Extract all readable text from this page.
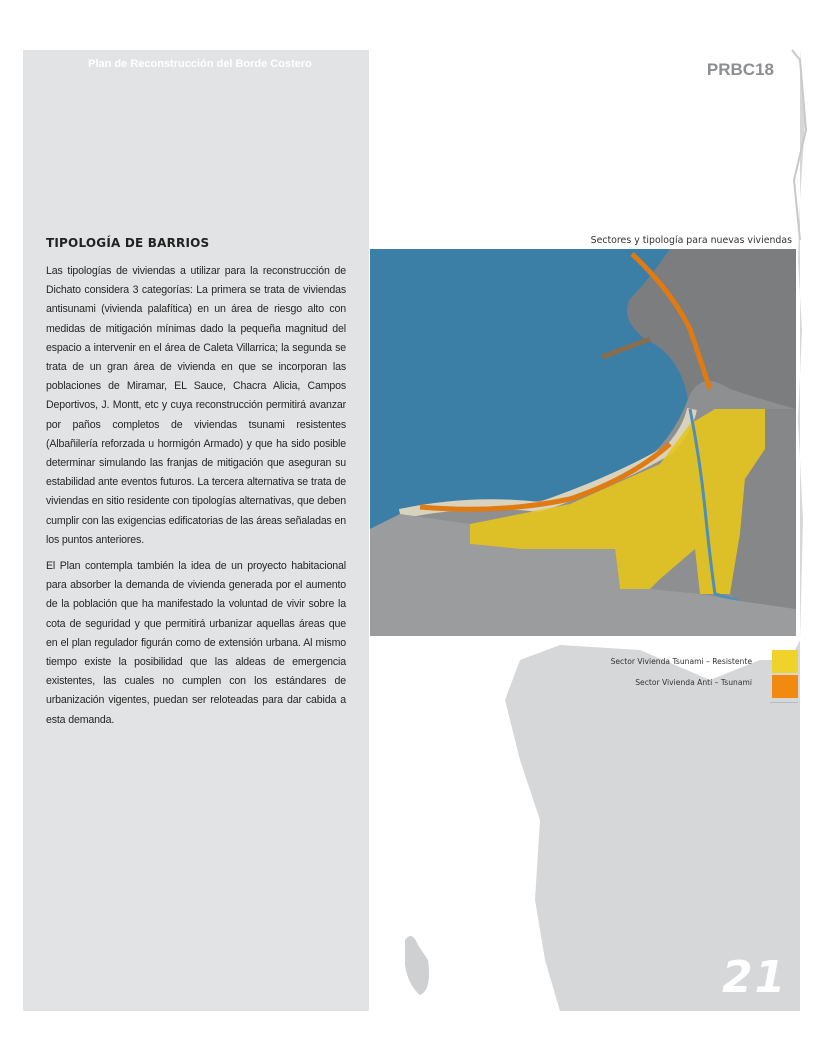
Plan de Reconstrucción del Borde Costero	PRBC18
TIPOLOGÍA DE BARRIOS

Las tipologías de viviendas a utilizar para la reconstrucción de Dichato considera 3 categorías: La primera se trata de viviendas antisunami (vivienda palafítica) en un área de riesgo alto con medidas de mitigación mínimas dado la pequeña magnitud del espacio a intervenir en el área de Caleta Villarrica; la segunda se trata de un gran área de vivienda en que se incorporan las poblaciones de Miramar, EL Sauce, Chacra Alicia, Campos Deportivos, J. Montt, etc y cuya reconstrucción permitirá avanzar por paños completos de viviendas tsunami resistentes (Albañilería reforzada u hormigón Armado) y que ha sido posible determinar simulando las franjas de mitigación que aseguran su estabilidad ante eventos futuros. La tercera alternativa se trata de viviendas en sitio residente con tipologías alternativas, que deben cumplir con las exigencias edificatorias de las áreas señaladas en los puntos anteriores.

El Plan contempla también la idea de un proyecto habitacional para absorber la demanda de vivienda generada por el aumento de la población que ha manifestado la voluntad de vivir sobre la cota de seguridad y que permitirá urbanizar aquellas áreas que en el plan regulador figurán como de extensión urbana. Al mismo tiempo existe la posibilidad que las aldeas de emergencia existentes, las cuales no cumplen con los estándares de urbanización vigentes, puedan ser reloteadas para dar cabida a esta demanda.

Sectores y tipología para nuevas viviendas
Sector Vivienda Tsunami – Resistente
Sector Vivienda Anti – Tsunami
21
